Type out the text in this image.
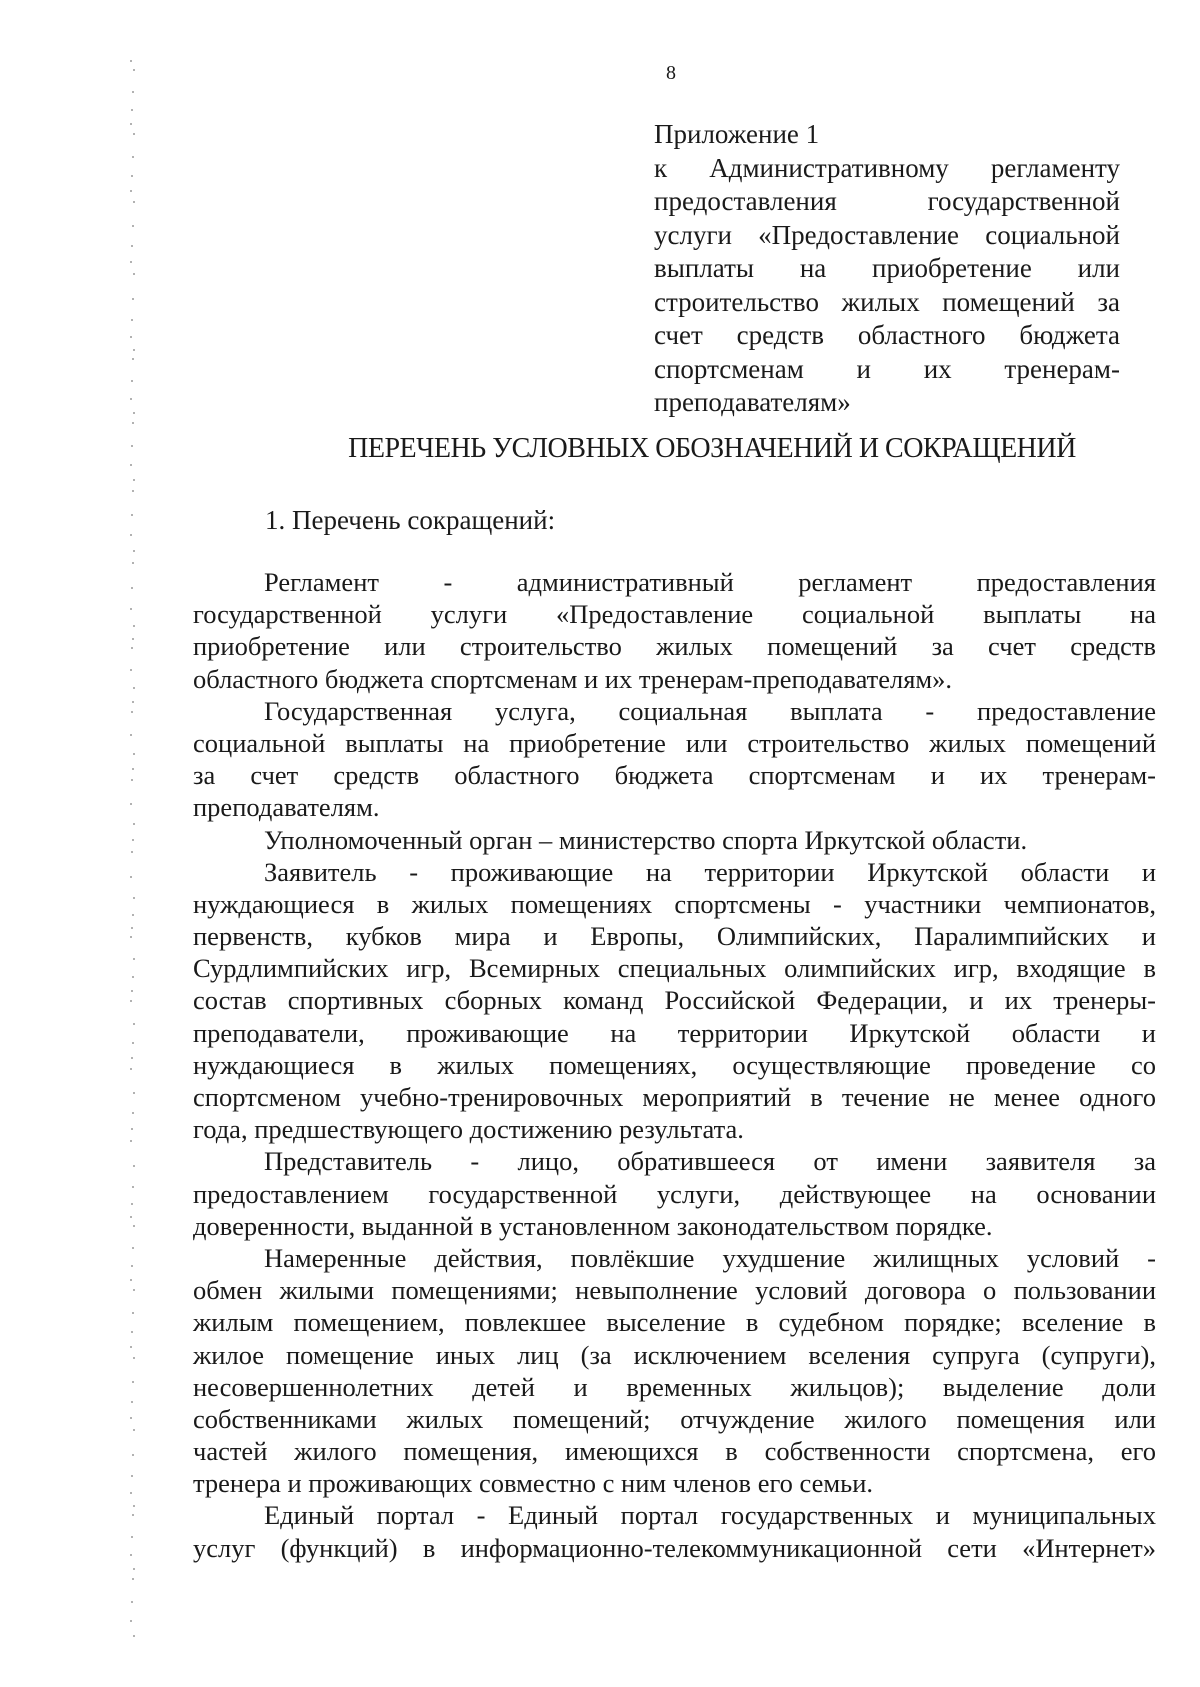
8
Приложение 1
к Административному регламенту
предоставления государственной
услуги «Предоставление социальной
выплаты на приобретение или
строительство жилых помещений за
счет средств областного бюджета
спортсменам и их тренерам-
преподавателям»
ПЕРЕЧЕНЬ УСЛОВНЫХ ОБОЗНАЧЕНИЙ И СОКРАЩЕНИЙ
1. Перечень сокращений:
Регламент - административный регламент предоставления
государственной услуги «Предоставление социальной выплаты на
приобретение или строительство жилых помещений за счет средств
областного бюджета спортсменам и их тренерам-преподавателям».
Государственная услуга, социальная выплата - предоставление
социальной выплаты на приобретение или строительство жилых помещений
за счет средств областного бюджета спортсменам и их тренерам-
преподавателям.
Уполномоченный орган – министерство спорта Иркутской области.
Заявитель - проживающие на территории Иркутской области и
нуждающиеся в жилых помещениях спортсмены - участники чемпионатов,
первенств, кубков мира и Европы, Олимпийских, Паралимпийских и
Сурдлимпийских игр, Всемирных специальных олимпийских игр, входящие в
состав спортивных сборных команд Российской Федерации, и их тренеры-
преподаватели, проживающие на территории Иркутской области и
нуждающиеся в жилых помещениях, осуществляющие проведение со
спортсменом учебно-тренировочных мероприятий в течение не менее одного
года, предшествующего достижению результата.
Представитель - лицо, обратившееся от имени заявителя за
предоставлением государственной услуги, действующее на основании
доверенности, выданной в установленном законодательством порядке.
Намеренные действия, повлёкшие ухудшение жилищных условий -
обмен жилыми помещениями; невыполнение условий договора о пользовании
жилым помещением, повлекшее выселение в судебном порядке; вселение в
жилое помещение иных лиц (за исключением вселения супруга (супруги),
несовершеннолетних детей и временных жильцов); выделение доли
собственниками жилых помещений; отчуждение жилого помещения или
частей жилого помещения, имеющихся в собственности спортсмена, его
тренера и проживающих совместно с ним членов его семьи.
Единый портал - Единый портал государственных и муниципальных
услуг (функций) в информационно-телекоммуникационной сети «Интернет»
